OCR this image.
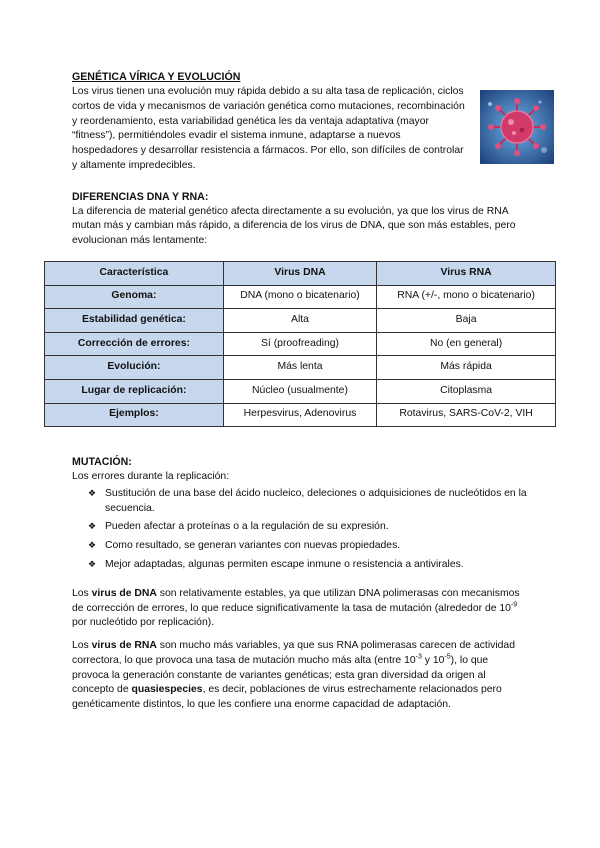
GENÉTICA VÍRICA Y EVOLUCIÓN

Los virus tienen una evolución muy rápida debido a su alta tasa de replicación, ciclos cortos de vida y mecanismos de variación genética como mutaciones, recombinación y reordenamiento, esta variabilidad genética les da ventaja adaptativa (mayor “fitness”), permitiéndoles evadir el sistema inmune, adaptarse a nuevos hospedadores y desarrollar resistencia a fármacos. Por ello, son difíciles de controlar y altamente impredecibles.

DIFERENCIAS DNA Y RNA:

La diferencia de material genético afecta directamente a su evolución, ya que los virus de RNA mutan más y cambian más rápido, a diferencia de los virus de DNA, que son más estables, pero evolucionan más lentamente:

Característica	Virus DNA	Virus RNA
Genoma:	DNA (mono o bicatenario)	RNA (+/-, mono o bicatenario)
Estabilidad genética:	Alta	Baja
Corrección de errores:	Sí (proofreading)	No (en general)
Evolución:	Más lenta	Más rápida
Lugar de replicación:	Núcleo (usualmente)	Citoplasma
Ejemplos:	Herpesvirus, Adenovirus	Rotavirus, SARS-CoV-2, VIH

MUTACIÓN:

Los errores durante la replicación:

❖ Sustitución de una base del ácido nucleico, deleciones o adquisiciones de nucleótidos en la secuencia.
❖ Pueden afectar a proteínas o a la regulación de su expresión.
❖ Como resultado, se generan variantes con nuevas propiedades.
❖ Mejor adaptadas, algunas permiten escape inmune o resistencia a antivirales.

Los virus de DNA son relativamente estables, ya que utilizan DNA polimerasas con mecanismos de corrección de errores, lo que reduce significativamente la tasa de mutación (alrededor de $10^{-9}$ por nucleótido por replicación).

Los virus de RNA son mucho más variables, ya que sus RNA polimerasas carecen de actividad correctora, lo que provoca una tasa de mutación mucho más alta (entre $10^{-3}$ y $10^{-5}$), lo que provoca la generación constante de variantes genéticas; esta gran diversidad da origen al concepto de quasiespecies, es decir, poblaciones de virus estrechamente relacionados pero genéticamente distintos, lo que les confiere una enorme capacidad de adaptación.
